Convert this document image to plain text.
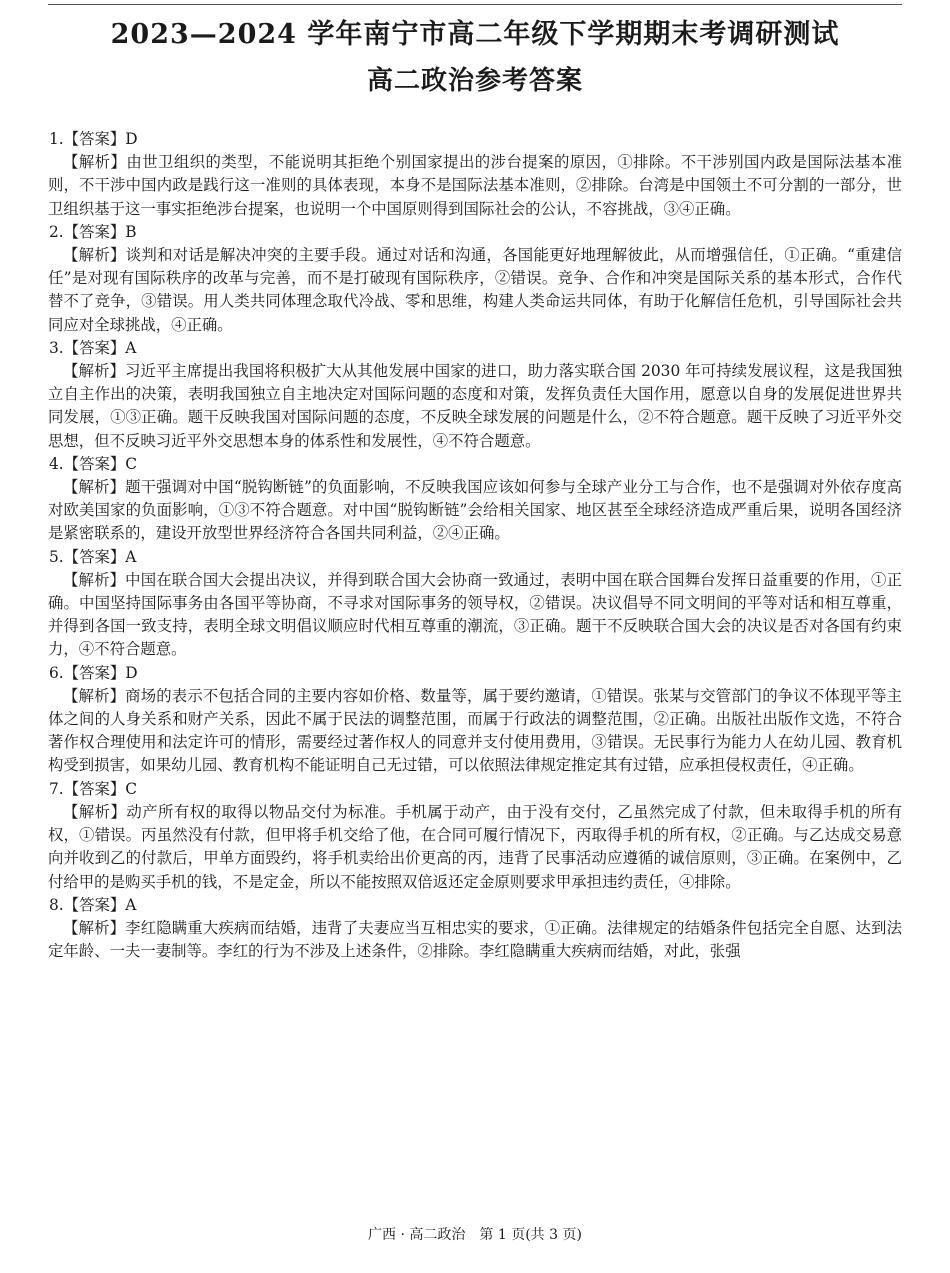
2023—2024 学年南宁市高二年级下学期期末考调研测试
高二政治参考答案
1.【答案】D
【解析】由世卫组织的类型，不能说明其拒绝个别国家提出的涉台提案的原因，①排除。不干涉别国内政是国际法基本准则，不干涉中国内政是践行这一准则的具体表现，本身不是国际法基本准则，②排除。台湾是中国领土不可分割的一部分，世卫组织基于这一事实拒绝涉台提案，也说明一个中国原则得到国际社会的公认，不容挑战，③④正确。
2.【答案】B
【解析】谈判和对话是解决冲突的主要手段。通过对话和沟通，各国能更好地理解彼此，从而增强信任，①正确。“重建信任”是对现有国际秩序的改革与完善，而不是打破现有国际秩序，②错误。竞争、合作和冲突是国际关系的基本形式，合作代替不了竞争，③错误。用人类共同体理念取代冷战、零和思维，构建人类命运共同体，有助于化解信任危机，引导国际社会共同应对全球挑战，④正确。
3.【答案】A
【解析】习近平主席提出我国将积极扩大从其他发展中国家的进口，助力落实联合国 2030 年可持续发展议程，这是我国独立自主作出的决策，表明我国独立自主地决定对国际问题的态度和对策，发挥负责任大国作用，愿意以自身的发展促进世界共同发展，①③正确。题干反映我国对国际问题的态度，不反映全球发展的问题是什么，②不符合题意。题干反映了习近平外交思想，但不反映习近平外交思想本身的体系性和发展性，④不符合题意。
4.【答案】C
【解析】题干强调对中国“脱钩断链”的负面影响，不反映我国应该如何参与全球产业分工与合作，也不是强调对外依存度高对欧美国家的负面影响，①③不符合题意。对中国“脱钩断链”会给相关国家、地区甚至全球经济造成严重后果，说明各国经济是紧密联系的，建设开放型世界经济符合各国共同利益，②④正确。
5.【答案】A
【解析】中国在联合国大会提出决议，并得到联合国大会协商一致通过，表明中国在联合国舞台发挥日益重要的作用，①正确。中国坚持国际事务由各国平等协商，不寻求对国际事务的领导权，②错误。决议倡导不同文明间的平等对话和相互尊重，并得到各国一致支持，表明全球文明倡议顺应时代相互尊重的潮流，③正确。题干不反映联合国大会的决议是否对各国有约束力，④不符合题意。
6.【答案】D
【解析】商场的表示不包括合同的主要内容如价格、数量等，属于要约邀请，①错误。张某与交管部门的争议不体现平等主体之间的人身关系和财产关系，因此不属于民法的调整范围，而属于行政法的调整范围，②正确。出版社出版作文选，不符合著作权合理使用和法定许可的情形，需要经过著作权人的同意并支付使用费用，③错误。无民事行为能力人在幼儿园、教育机构受到损害，如果幼儿园、教育机构不能证明自己无过错，可以依照法律规定推定其有过错，应承担侵权责任，④正确。
7.【答案】C
【解析】动产所有权的取得以物品交付为标准。手机属于动产，由于没有交付，乙虽然完成了付款，但未取得手机的所有权，①错误。丙虽然没有付款，但甲将手机交给了他，在合同可履行情况下，丙取得手机的所有权，②正确。与乙达成交易意向并收到乙的付款后，甲单方面毁约，将手机卖给出价更高的丙，违背了民事活动应遵循的诚信原则，③正确。在案例中，乙付给甲的是购买手机的钱，不是定金，所以不能按照双倍返还定金原则要求甲承担违约责任，④排除。
8.【答案】A
【解析】李红隐瞒重大疾病而结婚，违背了夫妻应当互相忠实的要求，①正确。法律规定的结婚条件包括完全自愿、达到法定年龄、一夫一妻制等。李红的行为不涉及上述条件，②排除。李红隐瞒重大疾病而结婚，对此，张强
广西 · 高二政治　第 1 页(共 3 页)
